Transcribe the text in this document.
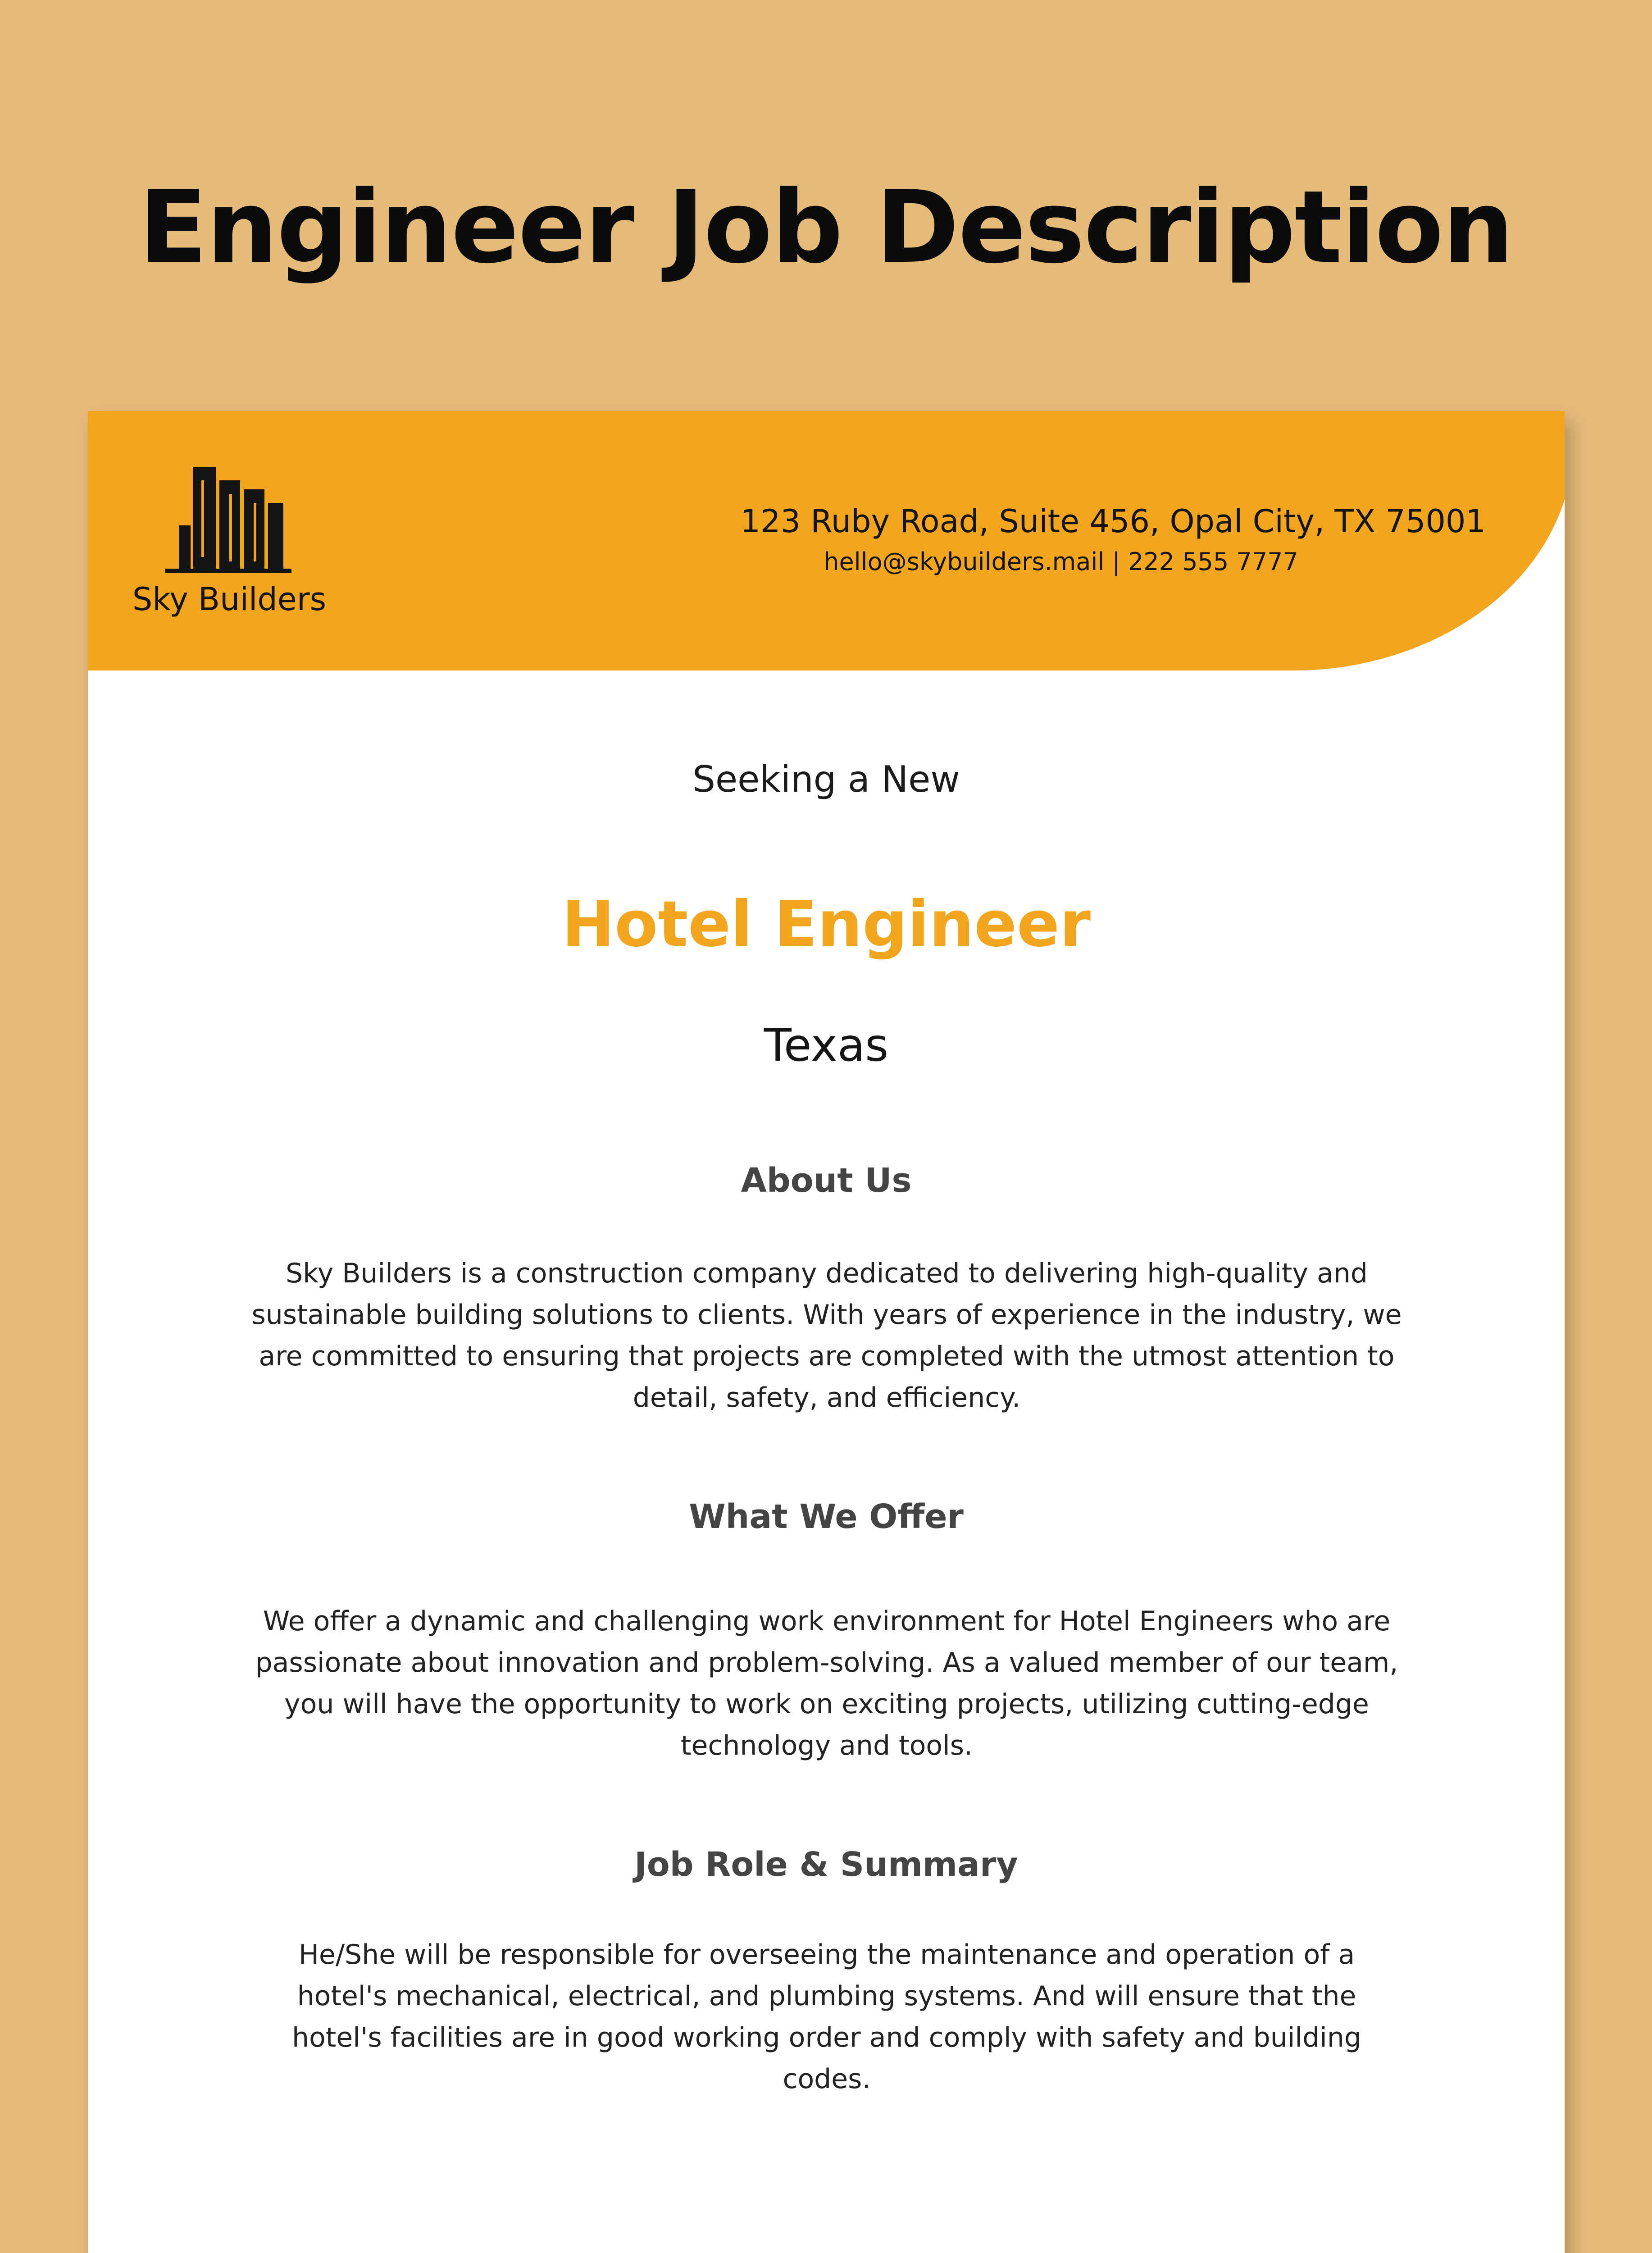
Engineer Job Description
Sky Builders
123 Ruby Road, Suite 456, Opal City, TX 75001
hello@skybuilders.mail | 222 555 7777
Seeking a New
Hotel Engineer
Texas
About Us
Sky Builders is a construction company dedicated to delivering high-quality and sustainable building solutions to clients. With years of experience in the industry, we are committed to ensuring that projects are completed with the utmost attention to detail, safety, and efficiency.
What We Offer
We offer a dynamic and challenging work environment for Hotel Engineers who are passionate about innovation and problem-solving. As a valued member of our team, you will have the opportunity to work on exciting projects, utilizing cutting-edge technology and tools.
Job Role & Summary
He/She will be responsible for overseeing the maintenance and operation of a hotel's mechanical, electrical, and plumbing systems. And will ensure that the hotel's facilities are in good working order and comply with safety and building codes.
